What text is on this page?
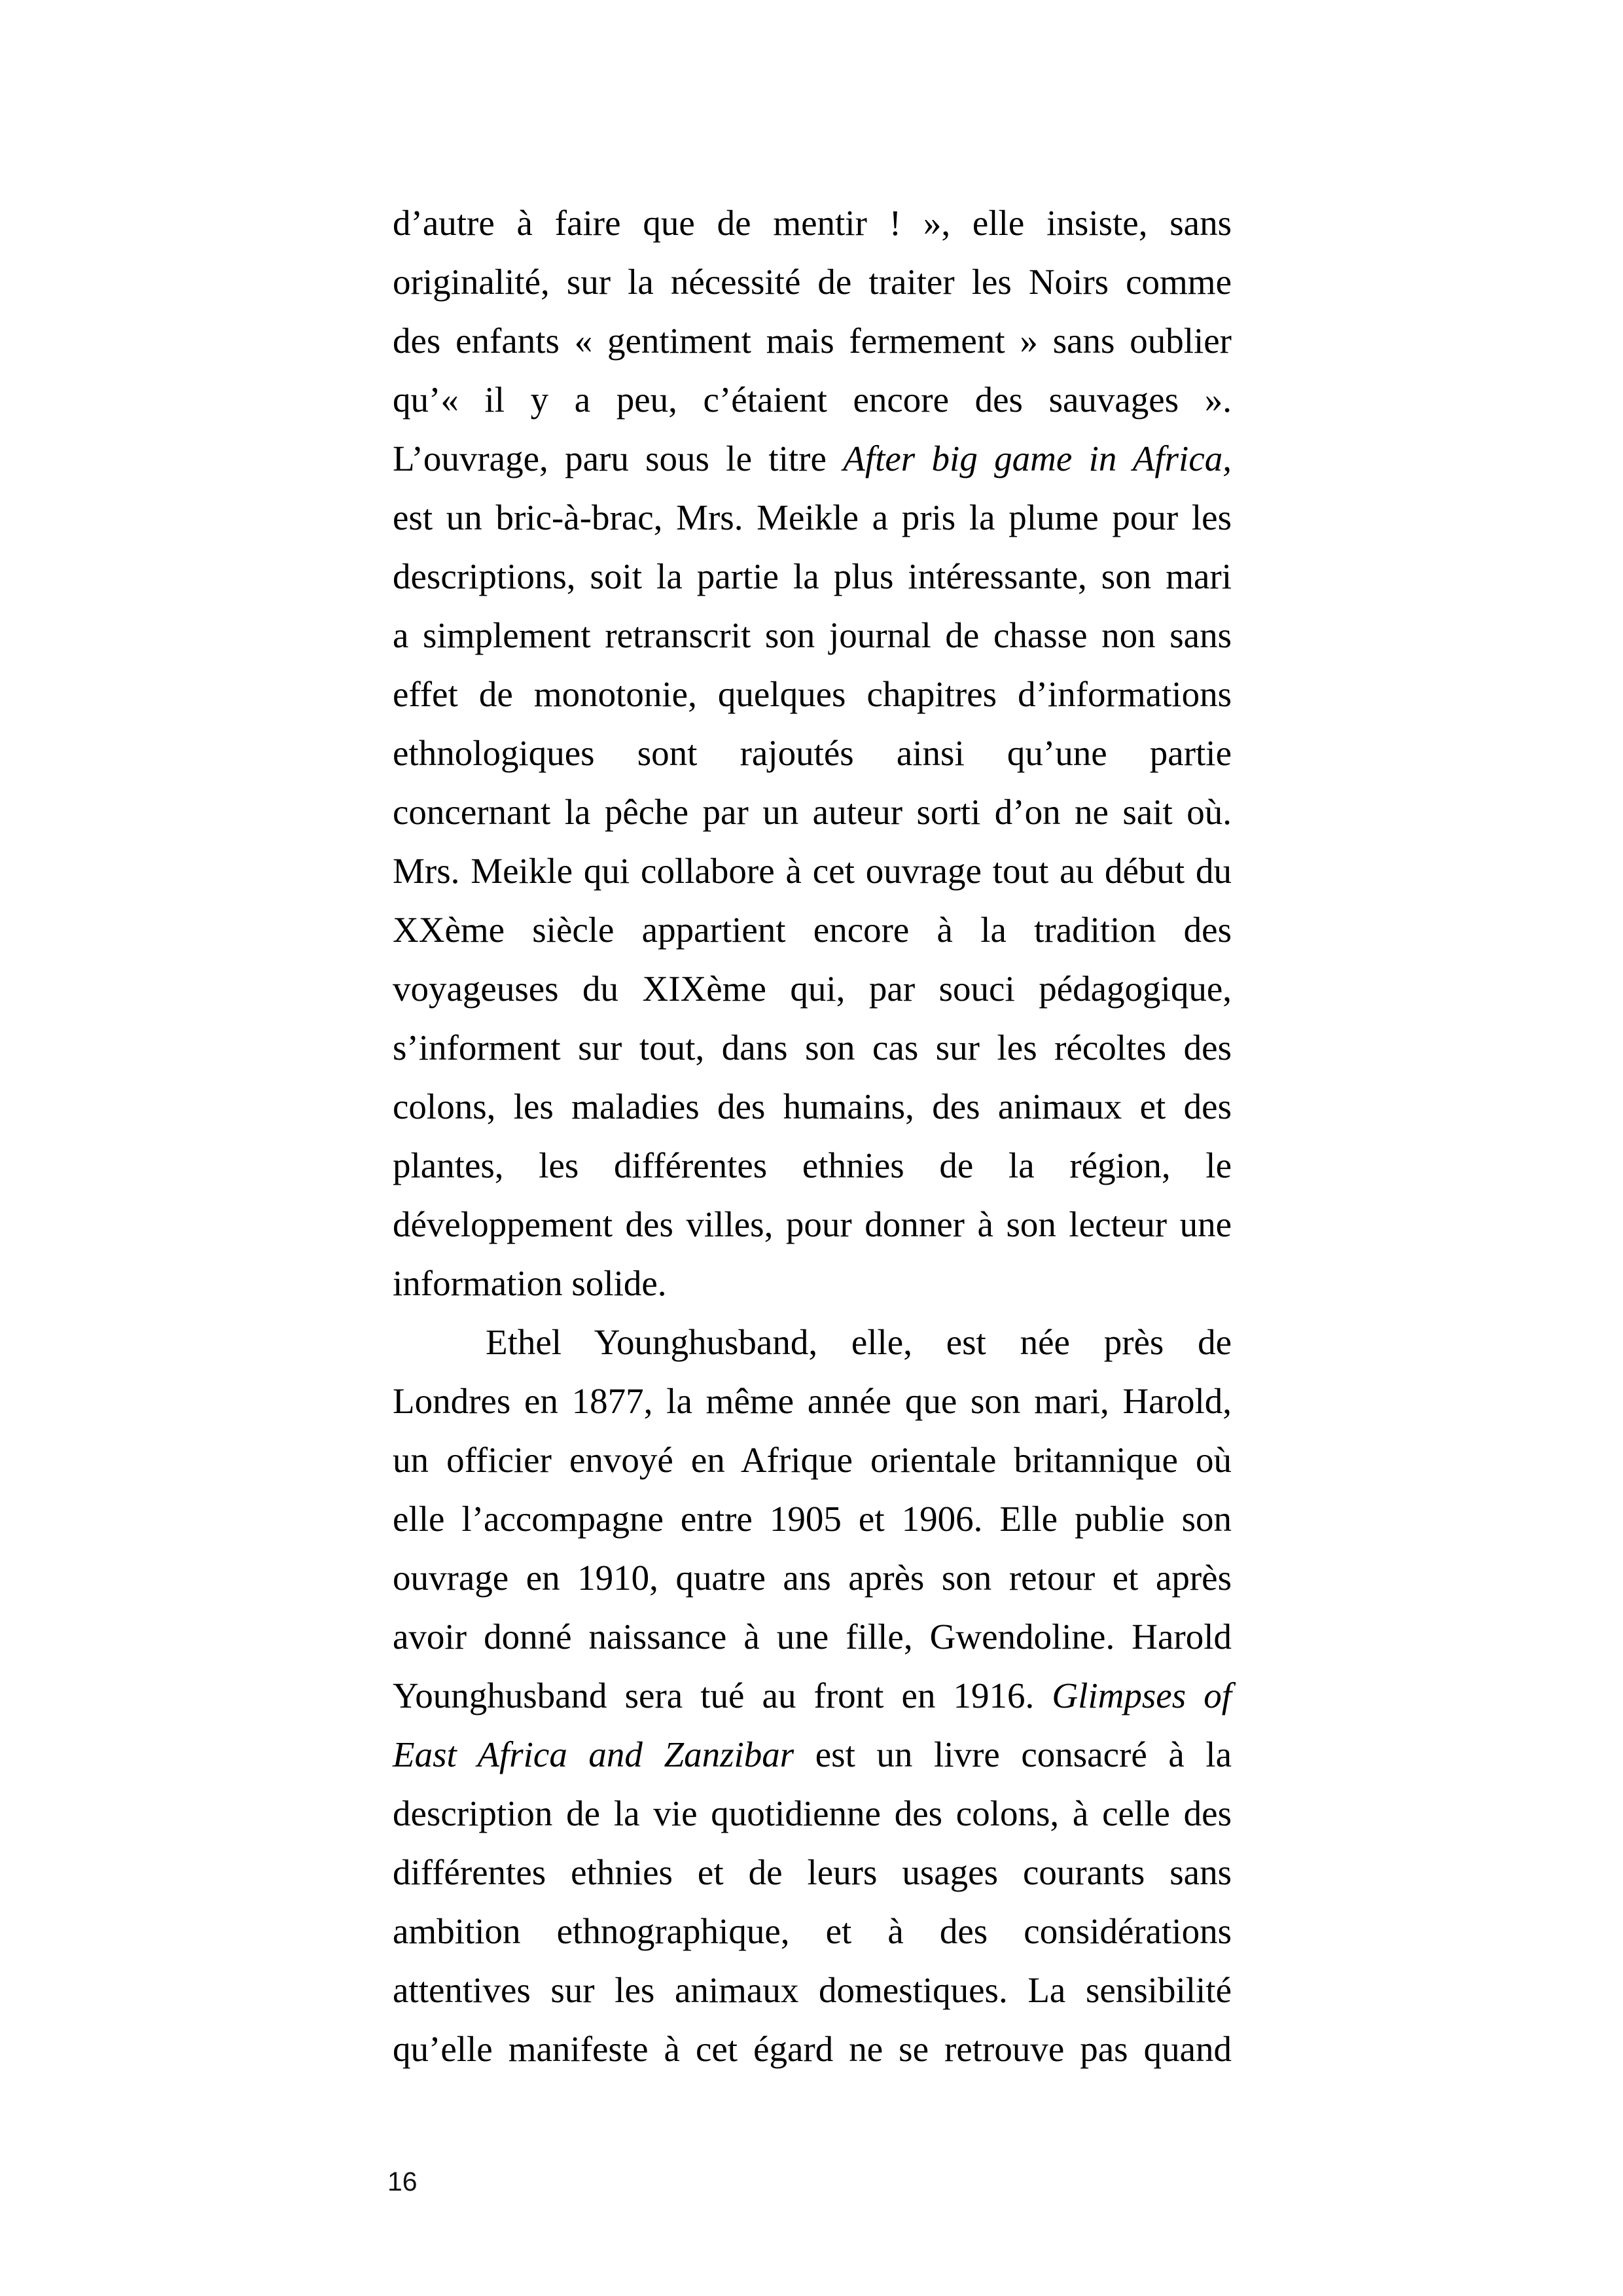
d’autre à faire que de mentir ! », elle insiste, sans
originalité, sur la nécessité de traiter les Noirs comme
des enfants « gentiment mais fermement » sans oublier
qu’« il y a peu, c’étaient encore des sauvages ».
L’ouvrage, paru sous le titre After big game in Africa,
est un bric-à-brac, Mrs. Meikle a pris la plume pour les
descriptions, soit la partie la plus intéressante, son mari
a simplement retranscrit son journal de chasse non sans
effet de monotonie, quelques chapitres d’informations
ethnologiques sont rajoutés ainsi qu’une partie
concernant la pêche par un auteur sorti d’on ne sait où.
Mrs. Meikle qui collabore à cet ouvrage tout au début du
XXème siècle appartient encore à la tradition des
voyageuses du XIXème qui, par souci pédagogique,
s’informent sur tout, dans son cas sur les récoltes des
colons, les maladies des humains, des animaux et des
plantes, les différentes ethnies de la région, le
développement des villes, pour donner à son lecteur une
information solide.
Ethel Younghusband, elle, est née près de
Londres en 1877, la même année que son mari, Harold,
un officier envoyé en Afrique orientale britannique où
elle l’accompagne entre 1905 et 1906. Elle publie son
ouvrage en 1910, quatre ans après son retour et après
avoir donné naissance à une fille, Gwendoline. Harold
Younghusband sera tué au front en 1916. Glimpses of
East Africa and Zanzibar est un livre consacré à la
description de la vie quotidienne des colons, à celle des
différentes ethnies et de leurs usages courants sans
ambition ethnographique, et à des considérations
attentives sur les animaux domestiques. La sensibilité
qu’elle manifeste à cet égard ne se retrouve pas quand
16
